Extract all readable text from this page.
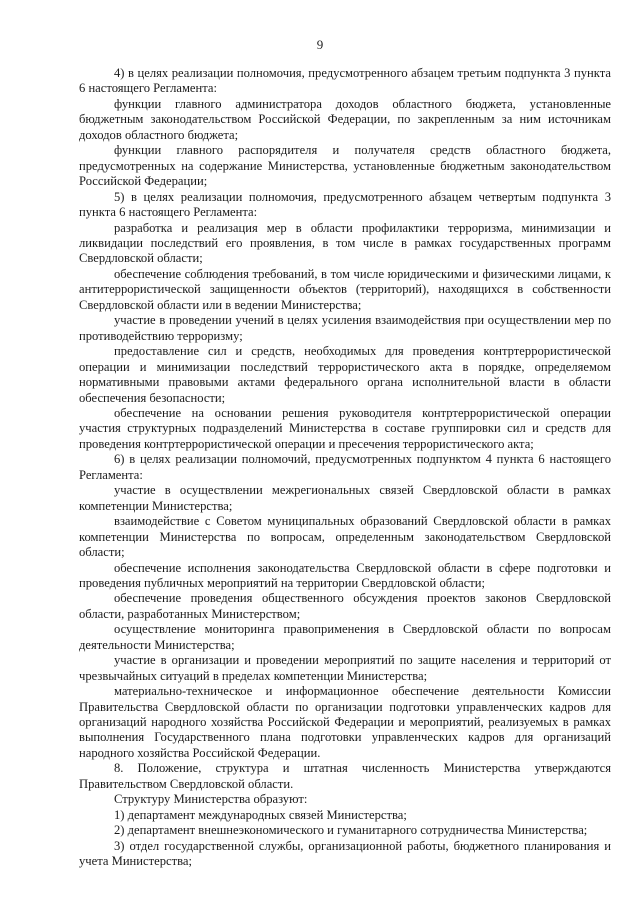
9

4) в целях реализации полномочия, предусмотренного абзацем третьим подпункта 3 пункта 6 настоящего Регламента:

функции главного администратора доходов областного бюджета, установленные бюджетным законодательством Российской Федерации, по закрепленным за ним источникам доходов областного бюджета;

функции главного распорядителя и получателя средств областного бюджета, предусмотренных на содержание Министерства, установленные бюджетным законодательством Российской Федерации;

5) в целях реализации полномочия, предусмотренного абзацем четвертым подпункта 3 пункта 6 настоящего Регламента:

разработка и реализация мер в области профилактики терроризма, минимизации и ликвидации последствий его проявления, в том числе в рамках государственных программ Свердловской области;

обеспечение соблюдения требований, в том числе юридическими и физическими лицами, к антитеррористической защищенности объектов (территорий), находящихся в собственности Свердловской области или в ведении Министерства;

участие в проведении учений в целях усиления взаимодействия при осуществлении мер по противодействию терроризму;

предоставление сил и средств, необходимых для проведения контртеррористической операции и минимизации последствий террористического акта в порядке, определяемом нормативными правовыми актами федерального органа исполнительной власти в области обеспечения безопасности;

обеспечение на основании решения руководителя контртеррористической операции участия структурных подразделений Министерства в составе группировки сил и средств для проведения контртеррористической операции и пресечения террористического акта;

6) в целях реализации полномочий, предусмотренных подпунктом 4 пункта 6 настоящего Регламента:

участие в осуществлении межрегиональных связей Свердловской области в рамках компетенции Министерства;

взаимодействие с Советом муниципальных образований Свердловской области в рамках компетенции Министерства по вопросам, определенным законодательством Свердловской области;

обеспечение исполнения законодательства Свердловской области в сфере подготовки и проведения публичных мероприятий на территории Свердловской области;

обеспечение проведения общественного обсуждения проектов законов Свердловской области, разработанных Министерством;

осуществление мониторинга правоприменения в Свердловской области по вопросам деятельности Министерства;

участие в организации и проведении мероприятий по защите населения и территорий от чрезвычайных ситуаций в пределах компетенции Министерства;

материально-техническое и информационное обеспечение деятельности Комиссии Правительства Свердловской области по организации подготовки управленческих кадров для организаций народного хозяйства Российской Федерации и мероприятий, реализуемых в рамках выполнения Государственного плана подготовки управленческих кадров для организаций народного хозяйства Российской Федерации.

8. Положение, структура и штатная численность Министерства утверждаются Правительством Свердловской области.

Структуру Министерства образуют:

1) департамент международных связей Министерства;

2) департамент внешнеэкономического и гуманитарного сотрудничества Министерства;

3) отдел государственной службы, организационной работы, бюджетного планирования и учета Министерства;
